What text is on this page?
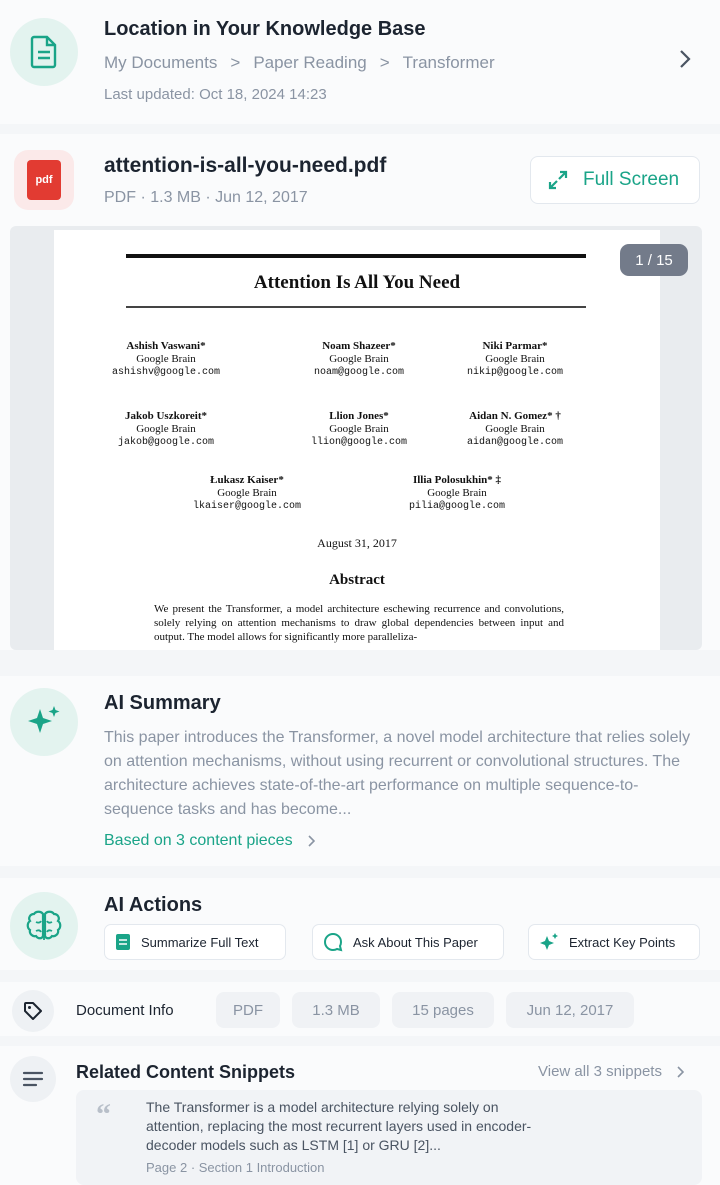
Location in Your Knowledge Base
My Documents > Paper Reading > Transformer
Last updated: Oct 18, 2024 14:23
pdf
attention-is-all-you-need.pdf
PDF · 1.3 MB · Jun 12, 2017
Full Screen
Attention Is All You Need
Ashish Vaswani*
Google Brain
ashishv@google.com
Noam Shazeer*
Google Brain
noam@google.com
Niki Parmar*
Google Brain
nikip@google.com
Jakob Uszkoreit*
Google Brain
jakob@google.com
Llion Jones*
Google Brain
llion@google.com
Aidan N. Gomez* †
Google Brain
aidan@google.com
Łukasz Kaiser*
Google Brain
lkaiser@google.com
Illia Polosukhin* ‡
Google Brain
pilia@google.com
August 31, 2017
Abstract
We present the Transformer, a model architecture eschewing recurrence and convolutions, solely relying on attention mechanisms to draw global dependencies between input and output. The model allows for significantly more paralleliza-
1 / 15
AI Summary
This paper introduces the Transformer, a novel model architecture that relies solely on attention mechanisms, without using recurrent or convolutional structures. The architecture achieves state-of-the-art performance on multiple sequence-to-sequence tasks and has become...
Based on 3 content pieces
AI Actions
Summarize Full Text	Ask About This Paper	Extract Key Points
Document Info	PDF	1.3 MB	15 pages	Jun 12, 2017
Related Content Snippets	View all 3 snippets
“	The Transformer is a model architecture relying solely on attention, replacing the most recurrent layers used in encoder-decoder models such as LSTM [1] or GRU [2]...
Page 2 · Section 1 Introduction
